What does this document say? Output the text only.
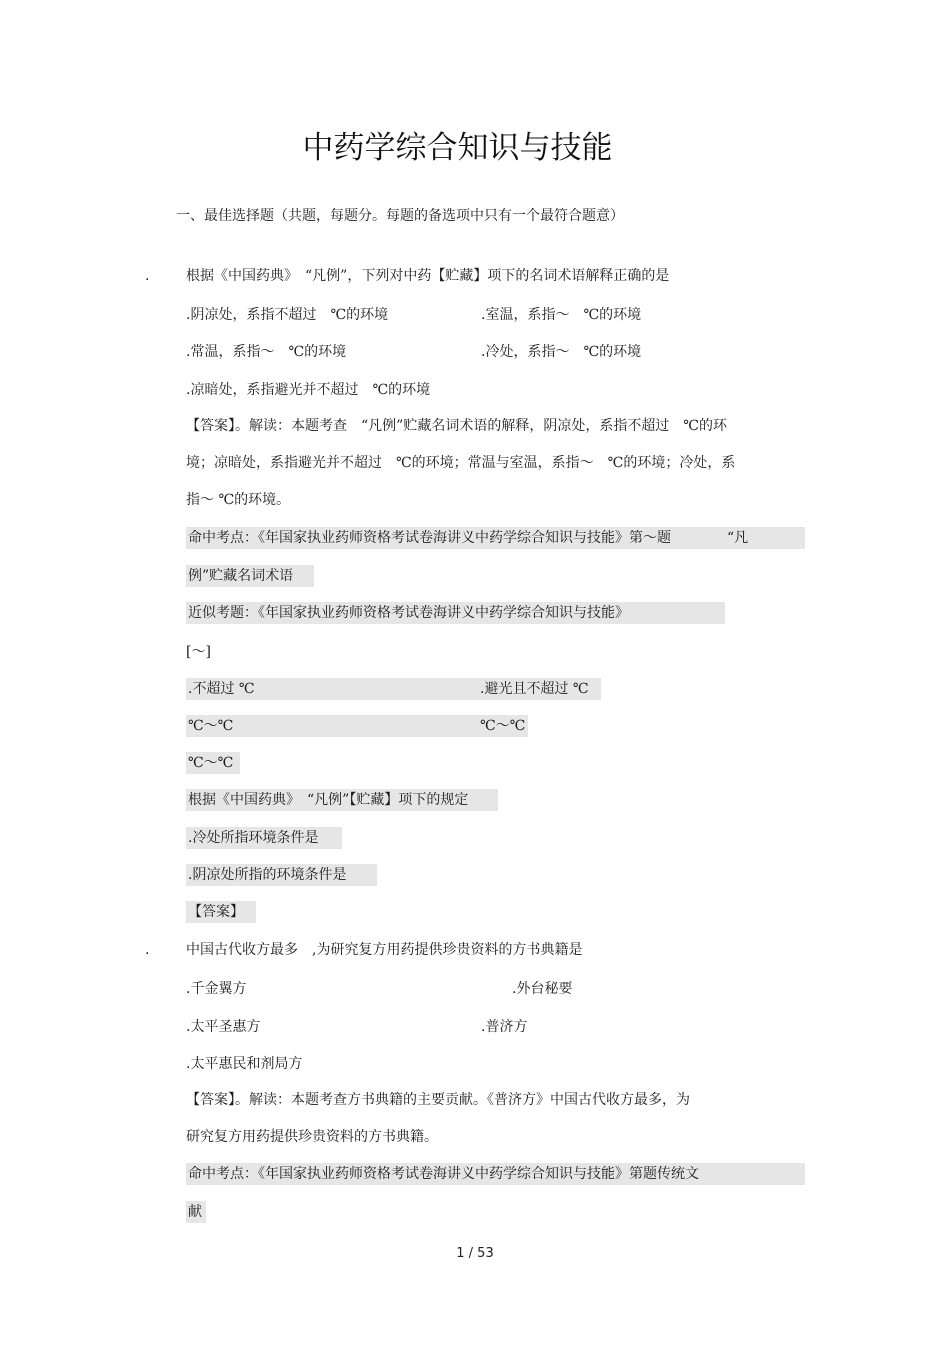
中药学综合知识与技能
一、最佳选择题（共题，每题分。每题的备选项中只有一个最符合题意）
.	根据《中国药典》　“凡例”，下列对中药【贮藏】项下的名词术语解释正确的是
.阴凉处，系指不超过　℃的环境	.室温，系指～　℃的环境
.常温，系指～　℃的环境	.冷处，系指～　℃的环境
.凉暗处，系指避光并不超过　℃的环境
【答案】。解读：本题考查　“凡例”贮藏名词术语的解释，阴凉处，系指不超过　℃的环
境；凉暗处，系指避光并不超过　℃的环境；常温与室温，系指～　℃的环境；冷处，系
指～ ℃的环境。
命中考点：《年国家执业药师资格考试卷海讲义中药学综合知识与技能》第～题　　　　“凡
例”贮藏名词术语
近似考题：《年国家执业药师资格考试卷海讲义中药学综合知识与技能》
[～]
.不超过 ℃	.避光且不超过 ℃
℃～℃	℃～℃
℃～℃
根据《中国药典》　“凡例”【贮藏】项下的规定
.冷处所指环境条件是
.阴凉处所指的环境条件是
【答案】
.	中国古代收方最多　,为研究复方用药提供珍贵资料的方书典籍是
.千金翼方	.外台秘要
.太平圣惠方	.普济方
.太平惠民和剂局方
【答案】。解读：本题考查方书典籍的主要贡献。《普济方》中国古代收方最多，为
研究复方用药提供珍贵资料的方书典籍。
命中考点：《年国家执业药师资格考试卷海讲义中药学综合知识与技能》第题传统文
献
1 / 53
